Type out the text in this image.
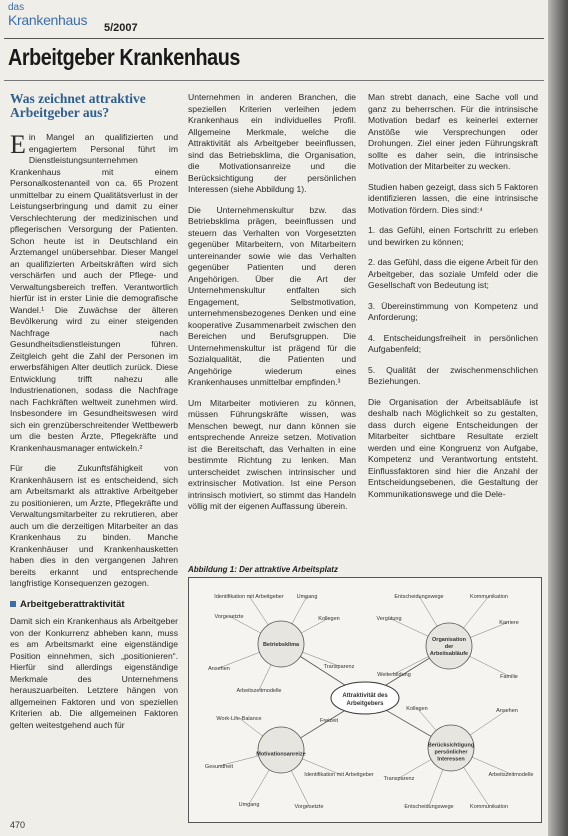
das
Krankenhaus 5/2007
Arbeitgeber Krankenhaus
Was zeichnet attraktive Arbeitgeber aus?

Ein Mangel an qualifizierten und engagiertem Personal führt im Dienstleistungsunternehmen Krankenhaus mit einem Personalkostenanteil von ca. 65 Prozent unmittelbar zu einem Qualitätsverlust in der Leistungserbringung und damit zu einer Verschlechterung der medizinischen und pflegerischen Versorgung der Patienten. Schon heute ist in Deutschland ein Ärztemangel unübersehbar. Dieser Mangel an qualifizierten Arbeitskräften wird sich verschärfen und auch der Pflege- und Verwaltungsbereich treffen. Verantwortlich hierfür ist in erster Linie die demografische Wandel.¹ Die Zuwächse der älteren Bevölkerung wird zu einer steigenden Nachfrage nach Gesundheitsdienstleistungen führen. Zeitgleich geht die Zahl der Personen im erwerbsfähigen Alter deutlich zurück. Diese Entwicklung trifft nahezu alle Industrienationen, sodass die Nachfrage nach Fachkräften weltweit zunehmen wird. Insbesondere im Gesundheitswesen wird sich ein grenzüberschreitender Wettbewerb um die besten Ärzte, Pflegekräfte und Krankenhausmanager entwickeln.²

Für die Zukunftsfähigkeit von Krankenhäusern ist es entscheidend, sich am Arbeitsmarkt als attraktive Arbeitgeber zu positionieren, um Ärzte, Pflegekräfte und Verwaltungsmitarbeiter zu rekrutieren, aber auch um die derzeitigen Mitarbeiter an das Krankenhaus zu binden. Manche Krankenhäuser und Krankenhausketten haben dies in den vergangenen Jahren bereits erkannt und entsprechende langfristige Konsequenzen gezogen.

Arbeitgeberattraktivität

Damit sich ein Krankenhaus als Arbeitgeber von der Konkurrenz abheben kann, muss es am Arbeitsmarkt eine eigenständige Position einnehmen, sich „positionieren“. Hierfür sind allerdings eigenständige Merkmale des Unternehmens herauszuarbeiten. Letztere hängen von allgemeinen Faktoren und von speziellen Kriterien ab. Die allgemeinen Faktoren gelten weitestgehend auch für

Unternehmen in anderen Branchen, die speziellen Kriterien verleihen jedem Krankenhaus ein individuelles Profil. Allgemeine Merkmale, welche die Attraktivität als Arbeitgeber beeinflussen, sind das Betriebsklima, die Organisation, die Motivationsanreize und die Berücksichtigung der persönlichen Interessen (siehe Abbildung 1).

Die Unternehmenskultur bzw. das Betriebsklima prägen, beeinflussen und steuern das Verhalten von Vorgesetzten gegenüber Mitarbeitern, von Mitarbeitern untereinander sowie wie das Verhalten gegenüber Patienten und deren Angehörigen. Über die Art der Unternehmenskultur entfalten sich Engagement, Selbstmotivation, unternehmensbezogenes Denken und eine kooperative Zusammenarbeit zwischen den Bereichen und Berufsgruppen. Die Unternehmenskultur ist prägend für die Sozialqualität, die Patienten und Angehörige wiederum eines Krankenhauses unmittelbar empfinden.³

Um Mitarbeiter motivieren zu können, müssen Führungskräfte wissen, was Menschen bewegt, nur dann können sie entsprechende Anreize setzen. Motivation ist die Bereitschaft, das Verhalten in eine bestimmte Richtung zu lenken. Man unterscheidet zwischen intrinsischer und extrinsischer Motivation. Ist eine Person intrinsisch motiviert, so stimmt das Handeln völlig mit der eigenen Auffassung überein.

Man strebt danach, eine Sache voll und ganz zu beherrschen. Für die intrinsische Motivation bedarf es keinerlei externer Anstöße wie Versprechungen oder Drohungen. Ziel einer jeden Führungskraft sollte es daher sein, die intrinsische Motivation der Mitarbeiter zu wecken.

Studien haben gezeigt, dass sich 5 Faktoren identifizieren lassen, die eine intrinsische Motivation fördern. Dies sind:⁴

1. das Gefühl, einen Fortschritt zu erleben und bewirken zu können;

2. das Gefühl, dass die eigene Arbeit für den Arbeitgeber, das soziale Umfeld oder die Gesellschaft von Bedeutung ist;

3. Übereinstimmung von Kompetenz und Anforderung;

4. Entscheidungsfreiheit in persönlichen Aufgabenfeld;

5. Qualität der zwischenmenschlichen Beziehungen.

Die Organisation der Arbeitsabläufe ist deshalb nach Möglichkeit so zu gestalten, dass durch eigene Entscheidungen der Mitarbeiter sichtbare Resultate erzielt werden und eine Kongruenz von Aufgabe, Kompetenz und Verantwortung entsteht. Einflussfaktoren sind hier die Anzahl der Entscheidungsebenen, die Gestaltung der Kommunikationswege und die Dele-

Abbildung 1: Der attraktive Arbeitsplatz
Identifikation mit Arbeitgeber Umgang
Vorgesetzte	Kollegen
Ansehen	Transparenz
Arbeitszeitmodelle
Entscheidungswege	Kommunikation
Vergütung
Karriere
Weiterbildung	Familie
Work-Life-Balance	Freizeit
Gesundheit
Identifikation mit Arbeitgeber
Umgang	Vorgesetzte
Kollegen	Ansehen
Transparenz
Arbeitszeitmodelle
Entscheidungswege	Kommunikation
Betriebsklima
Organisation
der
Arbeitsabläufe
Motivationsanreize
Berücksichtigung
persönlicher
Interessen
Attraktivität des
Arbeitgebers
470
